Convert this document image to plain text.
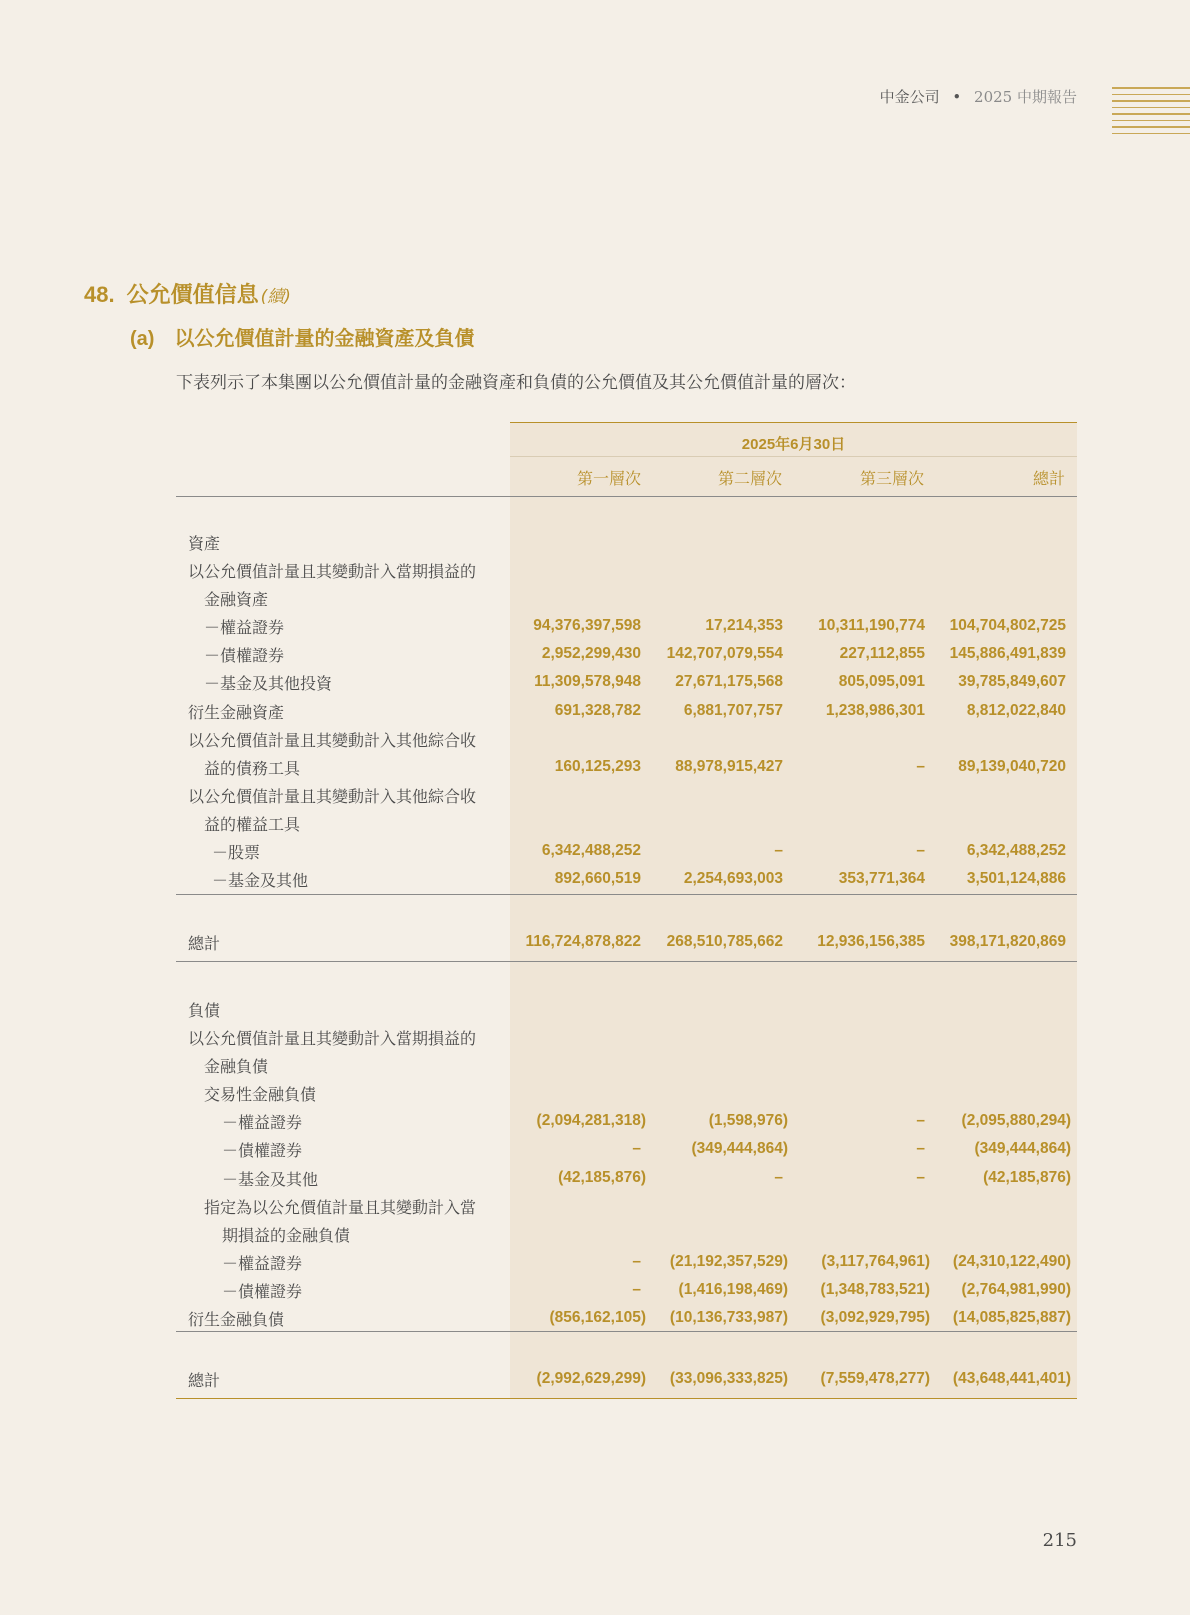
中金公司 • 2025 中期報告
48. 公允價值信息 (續)
(a) 以公允價值計量的金融資產及負債
下表列示了本集團以公允價值計量的金融資產和負債的公允價值及其公允價值計量的層次：
2025年6月30日
第一層次	第二層次	第三層次	總計
資產
以公允價值計量且其變動計入當期損益的
金融資產
－權益證券	94,376,397,598	17,214,353	10,311,190,774	104,704,802,725
－債權證券	2,952,299,430	142,707,079,554	227,112,855	145,886,491,839
－基金及其他投資	11,309,578,948	27,671,175,568	805,095,091	39,785,849,607
衍生金融資產	691,328,782	6,881,707,757	1,238,986,301	8,812,022,840
以公允價值計量且其變動計入其他綜合收
益的債務工具	160,125,293	88,978,915,427	–	89,139,040,720
以公允價值計量且其變動計入其他綜合收
益的權益工具
－股票	6,342,488,252	–	–	6,342,488,252
－基金及其他	892,660,519	2,254,693,003	353,771,364	3,501,124,886
總計	116,724,878,822	268,510,785,662	12,936,156,385	398,171,820,869
負債
以公允價值計量且其變動計入當期損益的
金融負債
交易性金融負債
－權益證券	(2,094,281,318)	(1,598,976)	–	(2,095,880,294)
－債權證券	–	(349,444,864)	–	(349,444,864)
－基金及其他	(42,185,876)	–	–	(42,185,876)
指定為以公允價值計量且其變動計入當
期損益的金融負債
－權益證券	–	(21,192,357,529)	(3,117,764,961)	(24,310,122,490)
－債權證券	–	(1,416,198,469)	(1,348,783,521)	(2,764,981,990)
衍生金融負債	(856,162,105)	(10,136,733,987)	(3,092,929,795)	(14,085,825,887)
總計	(2,992,629,299)	(33,096,333,825)	(7,559,478,277)	(43,648,441,401)
215
